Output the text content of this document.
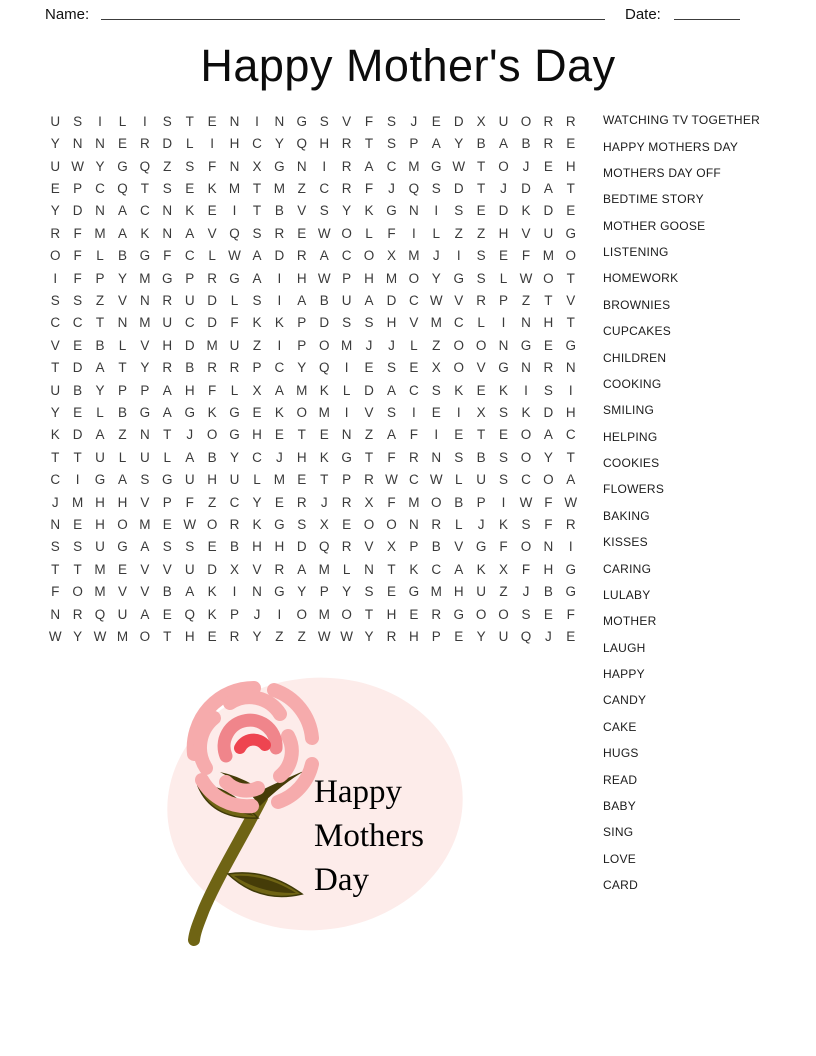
Name:	Date:
Happy Mother's Day
U S	I	L	I	S	T	E N	I	N G S V	F	S	J	E D X U O R R
Y N N E R D	L	I	H C Y Q H R T	S P A Y B A B R E
U W Y G Q Z	S	F N X G N	I	R A C M G W T O	J	E H
E P C Q T	S E K M T M Z C R F	J	Q S D T	J	D A	T
Y D N A C N K E	I	T	B V S Y K G N	I	S E D K D E
R F M A K N A V Q S R E W O L	F	I	L	Z	Z H V U G
O F	L	B G F C	L W A D R A C O X M J	I	S E	F M O
I	F	P Y M G P R G A	I	H W P H M O Y G S	L W O T
S S	Z	V N R U D	L	S	I	A B U A D C W V R P	Z	T	V
C C T N M U C D F	K K P D S S H V M C	L	I	N H T
V E B	L	V H D M U Z	I	P O M J	J	L	Z O O N G E G
T D A	T	Y R B R R P C Y Q	I	E S E X O V G N R N
U B Y P P A H F	L	X A M K	L	D A C S K E K	I	S	I
Y E	L	B G A G K G E K O M	I	V S	I	E	I	X S K D H
K D A	Z N T	J	O G H E	T	E N Z	A	F	I	E	T	E O A C
T	T U	L	U	L	A B Y C	J	H K G T	F R N S B S O Y	T
C	I	G A S G U H U	L M E	T	P R W C W L	U S C O A
J M H H V P	F	Z C Y E R	J	R X	F M O B P	I	W F W
N E H O M E W O R K G S X E O O N R	L	J	K S	F R
S S U G A S S E B H H D Q R V X P B V G F O N	I
T	T M E V V U D X V R A M L	N T	K C A K X	F H G
F O M V V B A K	I	N G Y P Y S E G M H U Z	J	B G
N R Q U A E Q K P	J	I	O M O T H E R G O O S E	F
W Y W M O T H E R Y	Z	Z W W Y R H P E Y U Q	J	E
WATCHING TV TOGETHER
HAPPY MOTHERS DAY
MOTHERS DAY OFF
BEDTIME STORY
MOTHER GOOSE
LISTENING
HOMEWORK
BROWNIES
CUPCAKES
CHILDREN
COOKING
SMILING
HELPING
COOKIES
FLOWERS
BAKING
KISSES
CARING
LULABY
MOTHER
LAUGH
HAPPY
CANDY
CAKE
HUGS
READ
BABY
SING
LOVE
CARD
Happy
Mothers
Day
